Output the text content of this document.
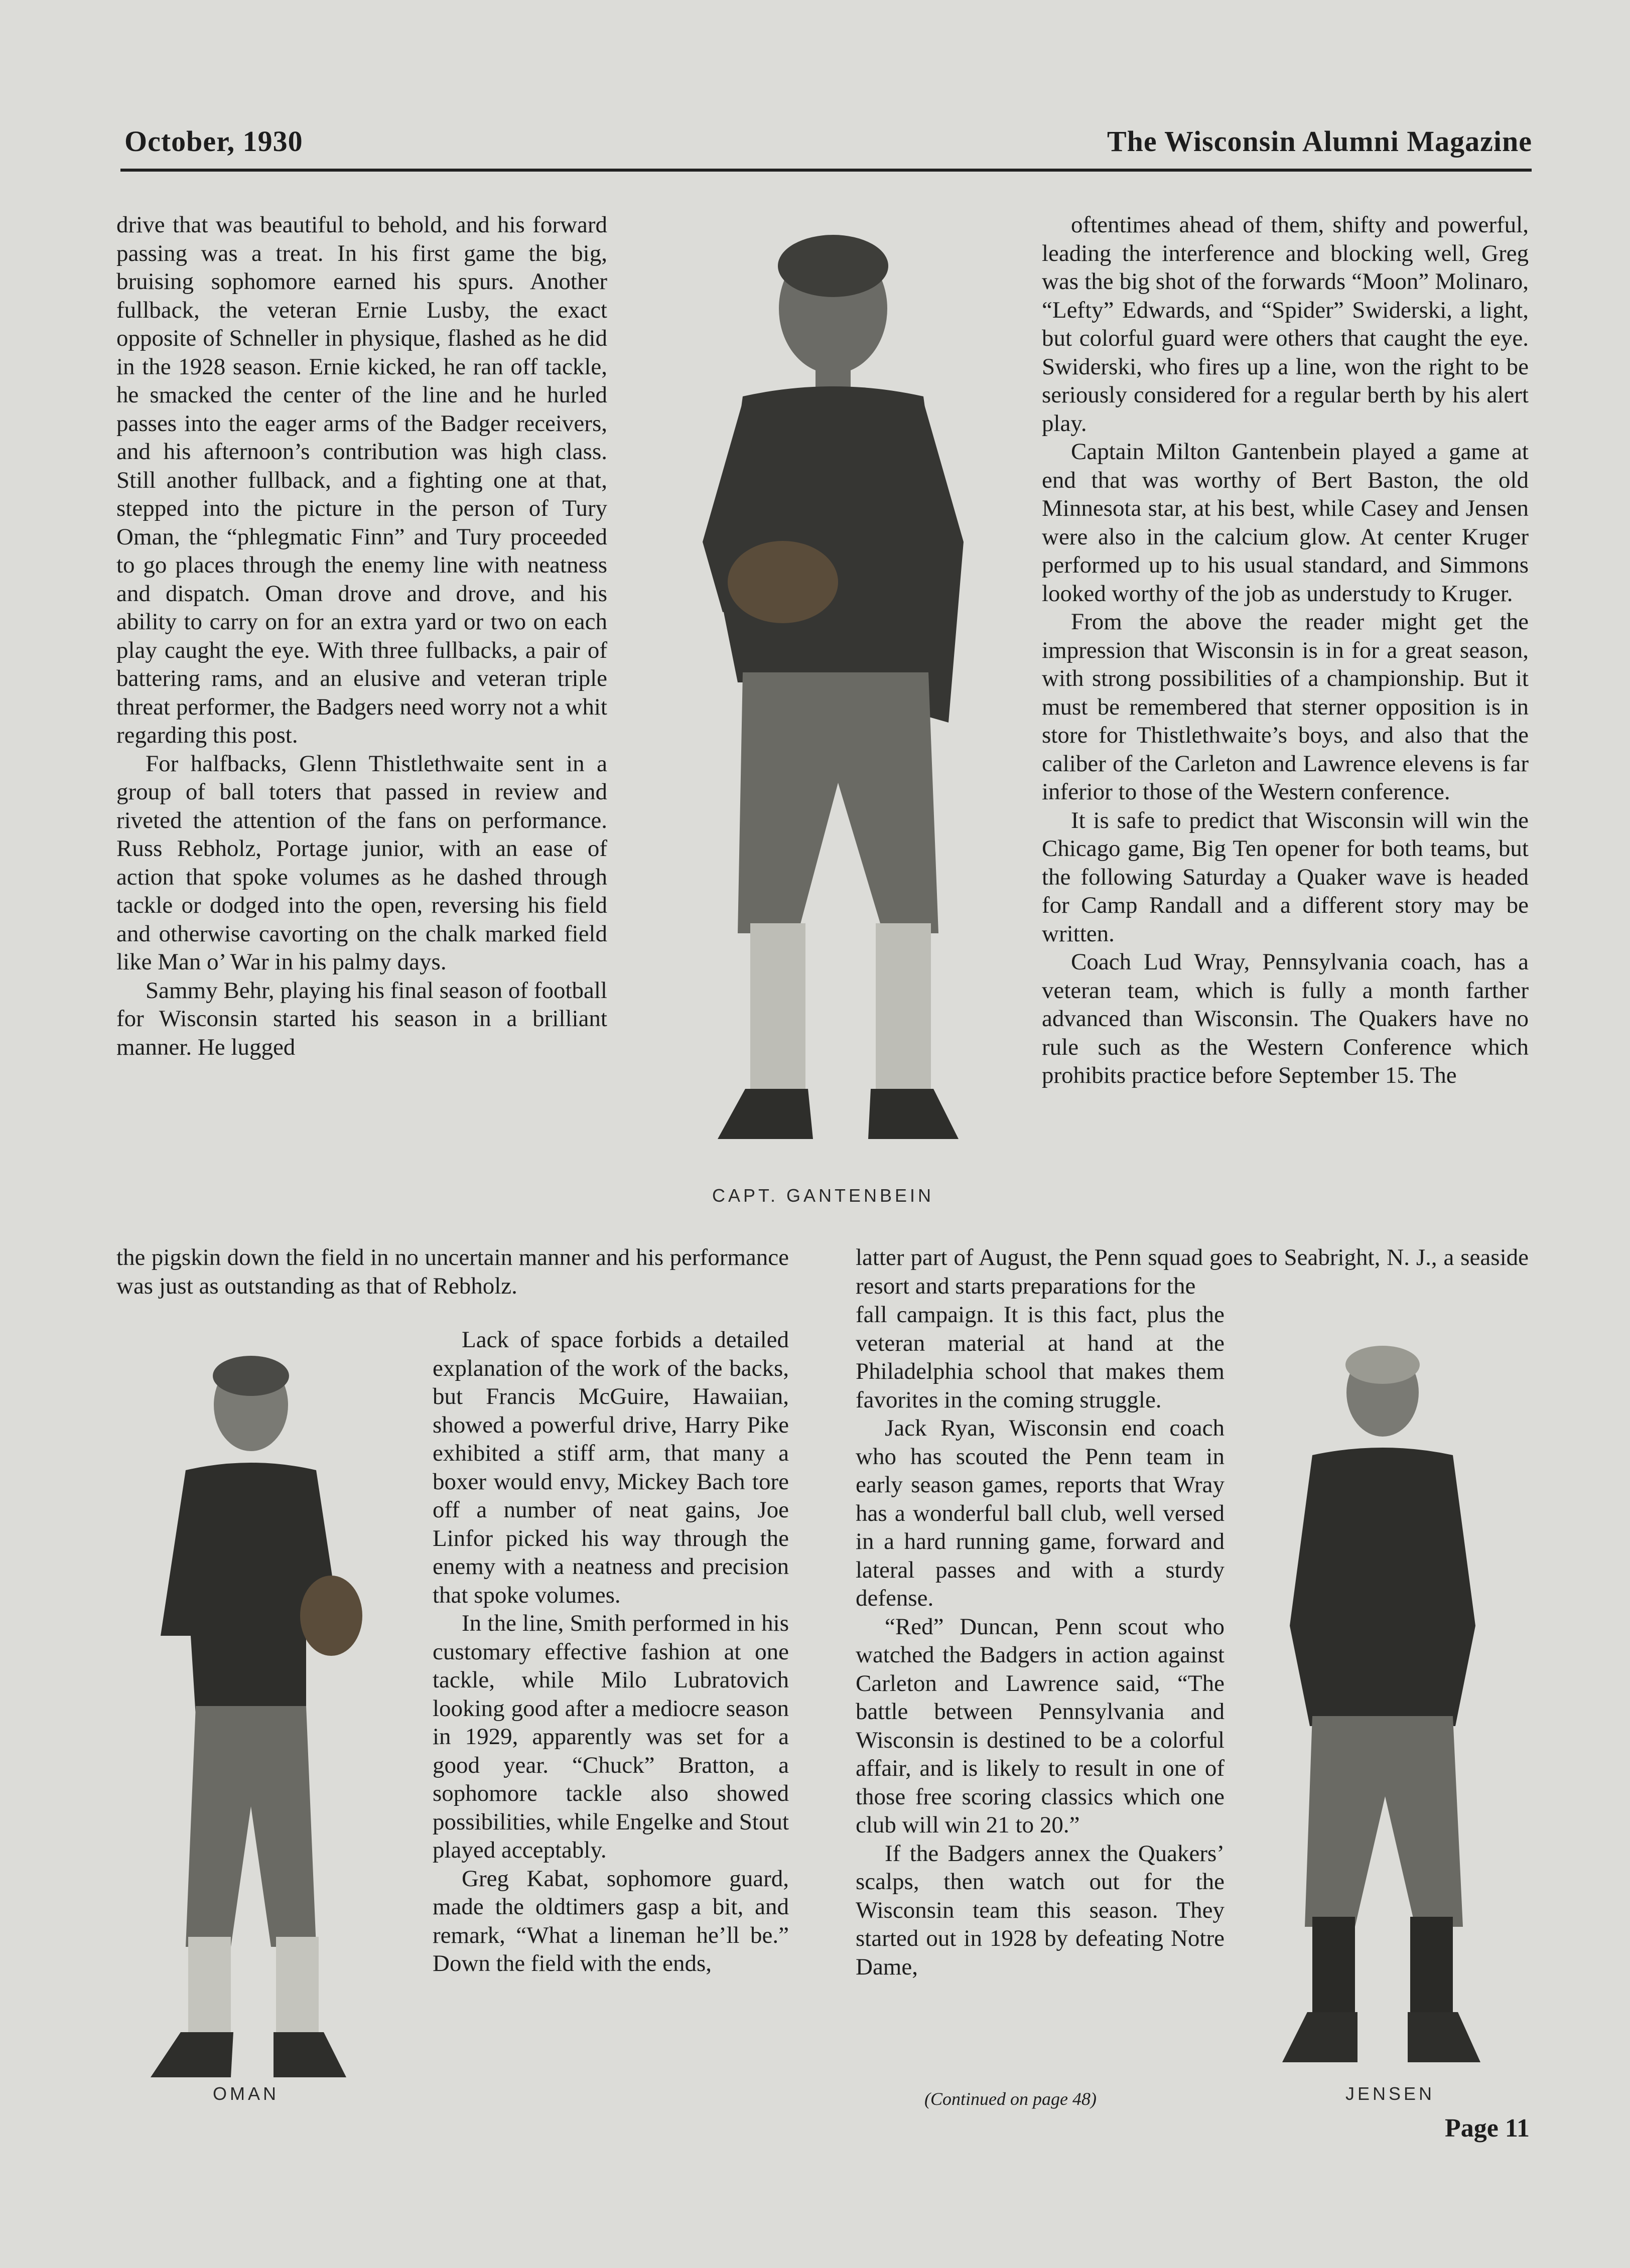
October, 1930	The Wisconsin Alumni Magazine

drive that was beautiful to behold, and his forward passing was a treat. In his first game the big, bruising sophomore earned his spurs. Another fullback, the veteran Ernie Lusby, the exact opposite of Schneller in physique, flashed as he did in the 1928 season. Ernie kicked, he ran off tackle, he smacked the center of the line and he hurled passes into the eager arms of the Badger receivers, and his afternoon’s contribution was high class. Still another fullback, and a fighting one at that, stepped into the picture in the person of Tury Oman, the “phlegmatic Finn” and Tury proceeded to go places through the enemy line with neatness and dispatch. Oman drove and drove, and his ability to carry on for an extra yard or two on each play caught the eye. With three fullbacks, a pair of battering rams, and an elusive and veteran triple threat performer, the Badgers need worry not a whit regarding this post.

For halfbacks, Glenn Thistlethwaite sent in a group of ball toters that passed in review and riveted the attention of the fans on performance. Russ Rebholz, Portage junior, with an ease of action that spoke volumes as he dashed through tackle or dodged into the open, reversing his field and otherwise cavorting on the chalk marked field like Man o’ War in his palmy days.

Sammy Behr, playing his final season of football for Wisconsin started his season in a brilliant manner. He lugged

the pigskin down the field in no uncertain manner and his performance was just as outstanding as that of Rebholz.

CAPT. GANTENBEIN

oftentimes ahead of them, shifty and powerful, leading the interference and blocking well, Greg was the big shot of the forwards “Moon” Molinaro, “Lefty” Edwards, and “Spider” Swiderski, a light, but colorful guard were others that caught the eye. Swiderski, who fires up a line, won the right to be seriously considered for a regular berth by his alert play.

Captain Milton Gantenbein played a game at end that was worthy of Bert Baston, the old Minnesota star, at his best, while Casey and Jensen were also in the calcium glow. At center Kruger performed up to his usual standard, and Simmons looked worthy of the job as understudy to Kruger.

From the above the reader might get the impression that Wisconsin is in for a great season, with strong possibilities of a championship. But it must be remembered that sterner opposition is in store for Thistlethwaite’s boys, and also that the caliber of the Carleton and Lawrence elevens is far inferior to those of the Western conference.

It is safe to predict that Wisconsin will win the Chicago game, Big Ten opener for both teams, but the following Saturday a Quaker wave is headed for Camp Randall and a different story may be written.

Coach Lud Wray, Pennsylvania coach, has a veteran team, which is fully a month farther advanced than Wisconsin. The Quakers have no rule such as the Western Conference which prohibits practice before September 15. The

latter part of August, the Penn squad goes to Seabright, N. J., a seaside resort and starts preparations for the

OMAN

Lack of space forbids a detailed explanation of the work of the backs, but Francis McGuire, Hawaiian, showed a powerful drive, Harry Pike exhibited a stiff arm, that many a boxer would envy, Mickey Bach tore off a number of neat gains, Joe Linfor picked his way through the enemy with a neatness and precision that spoke volumes.

In the line, Smith performed in his customary effective fashion at one tackle, while Milo Lubratovich looking good after a mediocre season in 1929, apparently was set for a good year. “Chuck” Bratton, a sophomore tackle also showed possibilities, while Engelke and Stout played acceptably.

Greg Kabat, sophomore guard, made the oldtimers gasp a bit, and remark, “What a lineman he’ll be.” Down the field with the ends,

fall campaign. It is this fact, plus the veteran material at hand at the Philadelphia school that makes them favorites in the coming struggle.

Jack Ryan, Wisconsin end coach who has scouted the Penn team in early season games, reports that Wray has a wonderful ball club, well versed in a hard running game, forward and lateral passes and with a sturdy defense.

“Red” Duncan, Penn scout who watched the Badgers in action against Carleton and Lawrence said, “The battle between Pennsylvania and Wisconsin is destined to be a colorful affair, and is likely to result in one of those free scoring classics which one club will win 21 to 20.”

If the Badgers annex the Quakers’ scalps, then watch out for the Wisconsin team this season. They started out in 1928 by defeating Notre Dame,

(Continued on page 48)	JENSEN
Page 11
